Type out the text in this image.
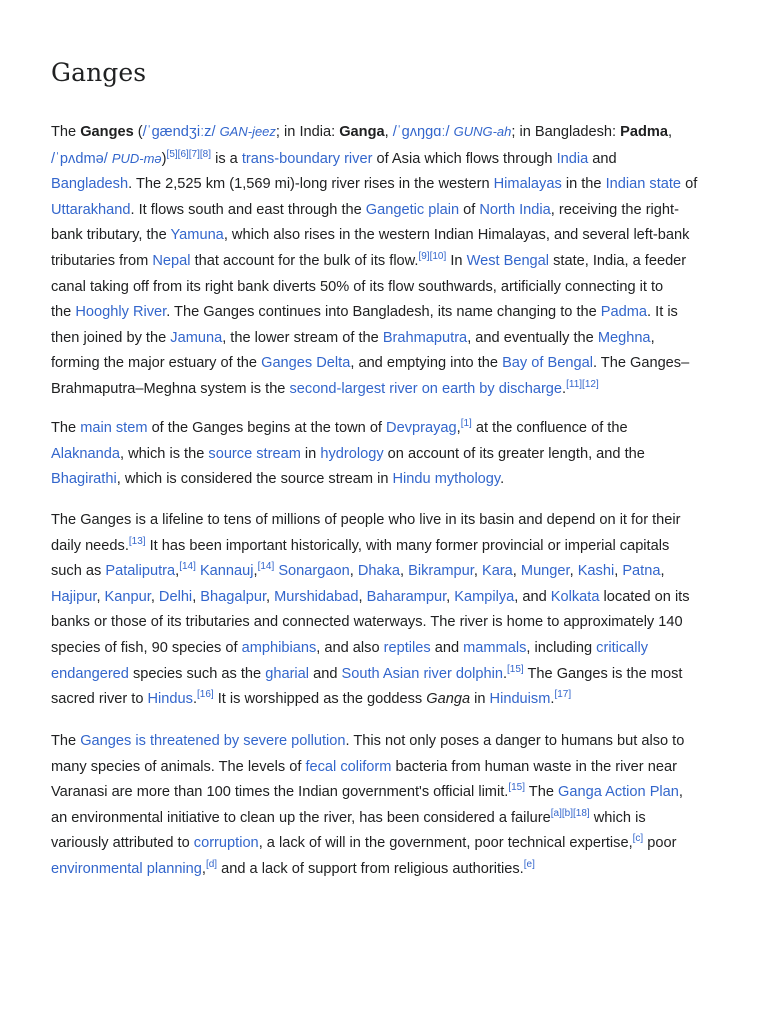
Ganges

The Ganges (/ˈɡændʒiːz/ GAN-jeez; in India: Ganga, /ˈɡʌŋɡɑː/ GUNG-ah; in Bangladesh: Padma,
/ˈpʌdmə/ PUD-mə)[5][6][7][8] is a trans-boundary river of Asia which flows through India and
Bangladesh. The 2,525 km (1,569 mi)-long river rises in the western Himalayas in the Indian state of
Uttarakhand. It flows south and east through the Gangetic plain of North India, receiving the right-
bank tributary, the Yamuna, which also rises in the western Indian Himalayas, and several left-bank
tributaries from Nepal that account for the bulk of its flow.[9][10] In West Bengal state, India, a feeder
canal taking off from its right bank diverts 50% of its flow southwards, artificially connecting it to
the Hooghly River. The Ganges continues into Bangladesh, its name changing to the Padma. It is
then joined by the Jamuna, the lower stream of the Brahmaputra, and eventually the Meghna,
forming the major estuary of the Ganges Delta, and emptying into the Bay of Bengal. The Ganges–
Brahmaputra–Meghna system is the second-largest river on earth by discharge.[11][12]

The main stem of the Ganges begins at the town of Devprayag,[1] at the confluence of the
Alaknanda, which is the source stream in hydrology on account of its greater length, and the
Bhagirathi, which is considered the source stream in Hindu mythology.

The Ganges is a lifeline to tens of millions of people who live in its basin and depend on it for their
daily needs.[13] It has been important historically, with many former provincial or imperial capitals
such as Pataliputra,[14] Kannauj,[14] Sonargaon, Dhaka, Bikrampur, Kara, Munger, Kashi, Patna,
Hajipur, Kanpur, Delhi, Bhagalpur, Murshidabad, Baharampur, Kampilya, and Kolkata located on its
banks or those of its tributaries and connected waterways. The river is home to approximately 140
species of fish, 90 species of amphibians, and also reptiles and mammals, including critically
endangered species such as the gharial and South Asian river dolphin.[15] The Ganges is the most
sacred river to Hindus.[16] It is worshipped as the goddess Ganga in Hinduism.[17]

The Ganges is threatened by severe pollution. This not only poses a danger to humans but also to
many species of animals. The levels of fecal coliform bacteria from human waste in the river near
Varanasi are more than 100 times the Indian government's official limit.[15] The Ganga Action Plan,
an environmental initiative to clean up the river, has been considered a failure[a][b][18] which is
variously attributed to corruption, a lack of will in the government, poor technical expertise,[c] poor
environmental planning,[d] and a lack of support from religious authorities.[e]
